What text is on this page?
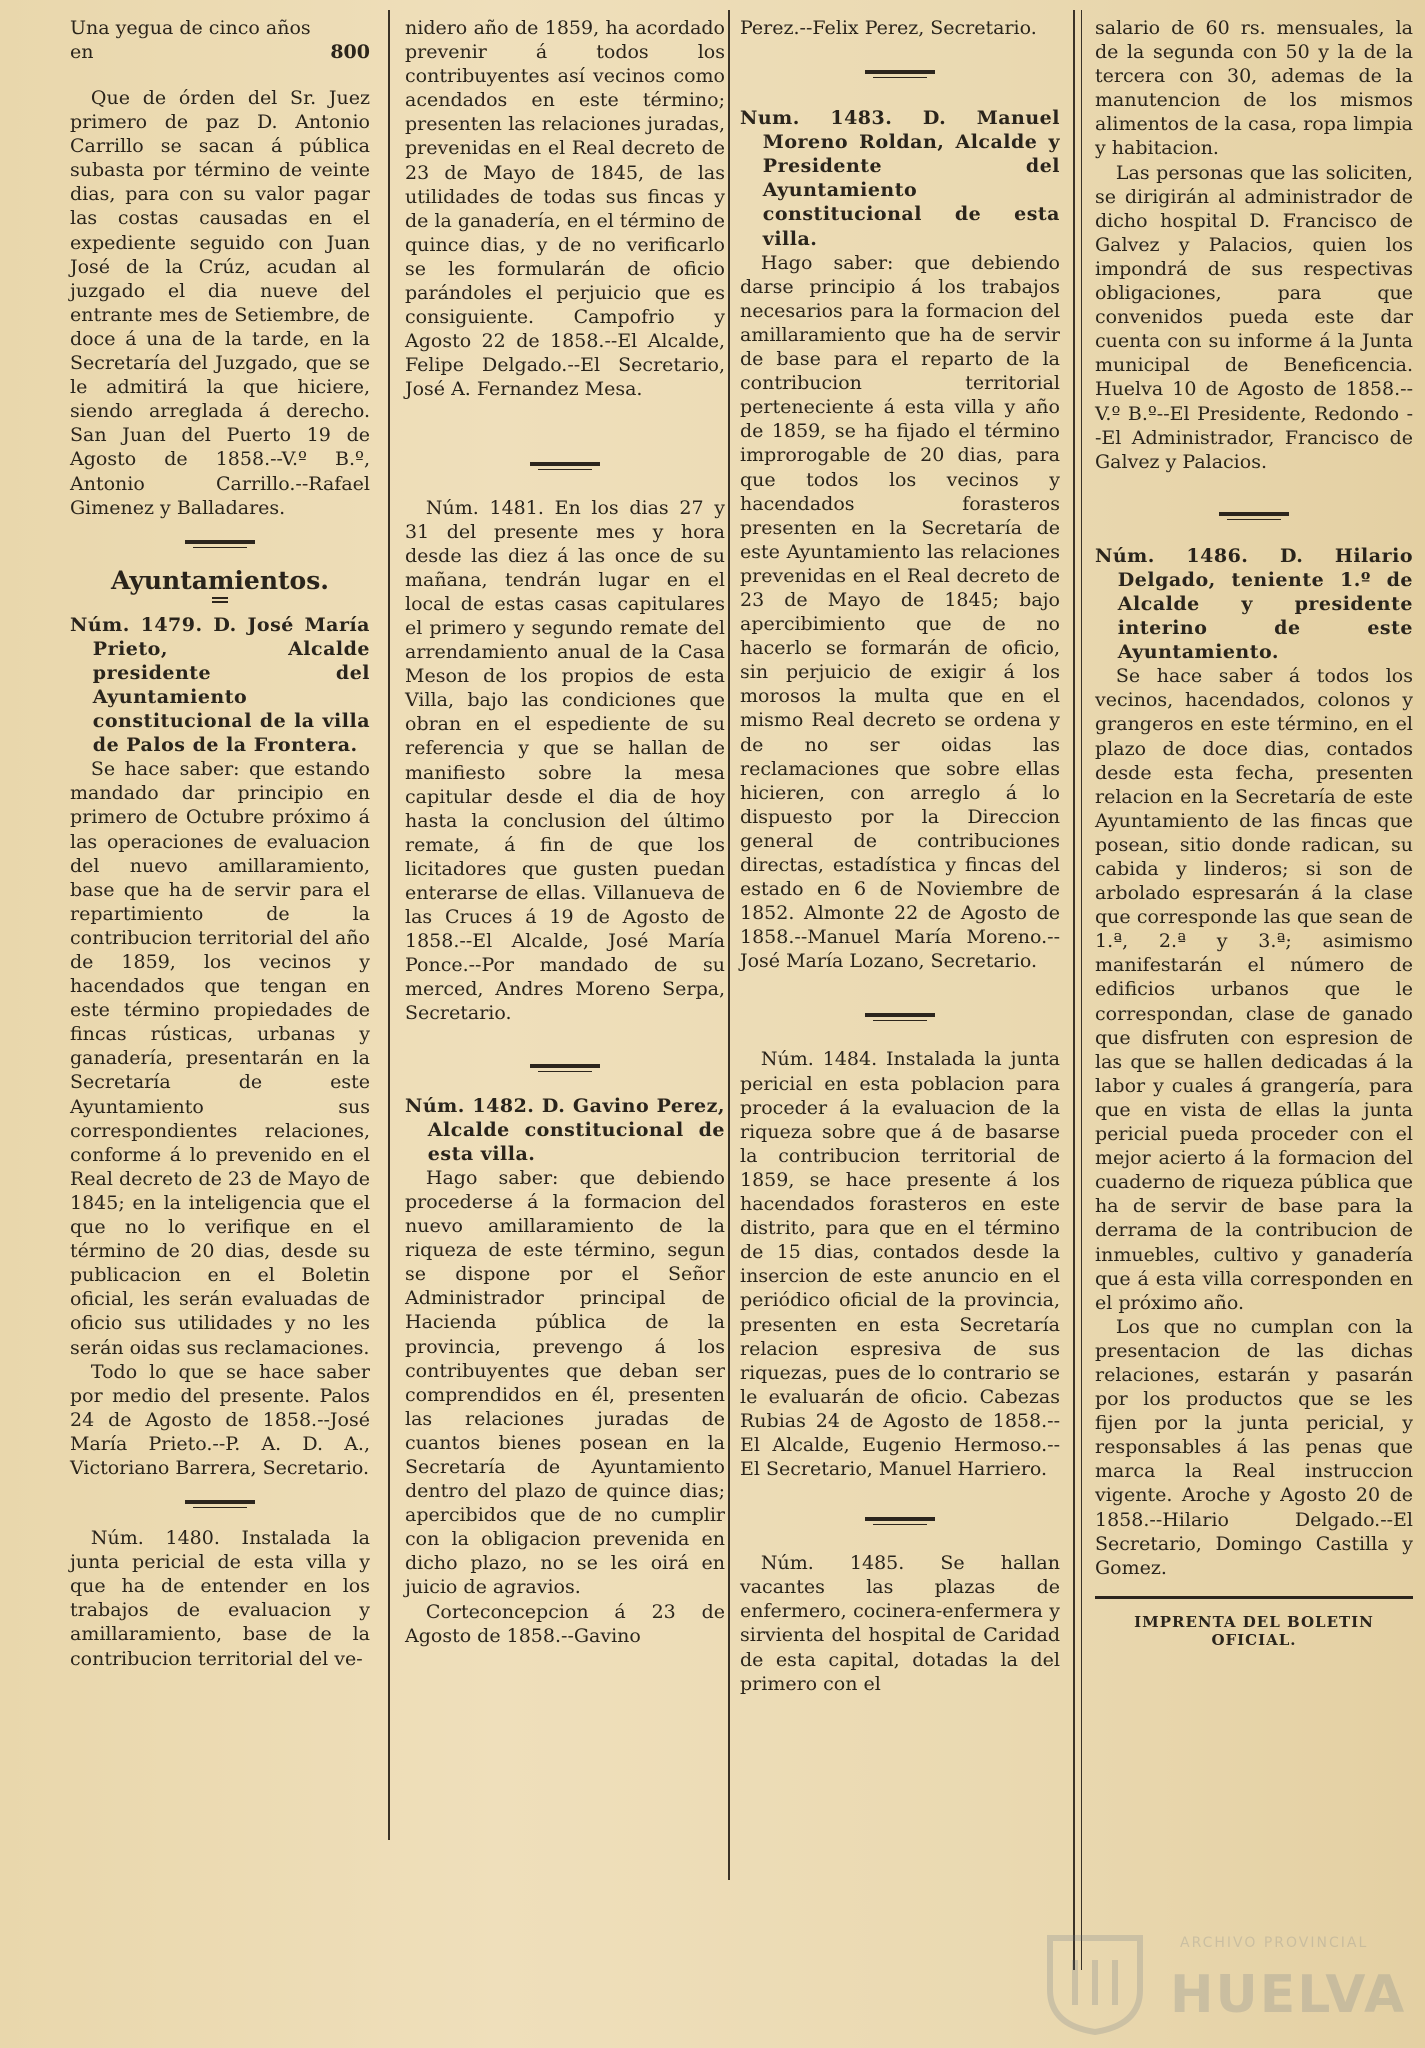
Una yegua de cinco años en	800

Que de órden del Sr. Juez primero de paz D. Antonio Carrillo se sacan á pública subasta por término de veinte dias, para con su valor pagar las costas causadas en el expediente seguido con Juan José de la Crúz, acudan al juzgado el dia nueve del entrante mes de Setiembre, de doce á una de la tarde, en la Secretaría del Juzgado, que se le admitirá la que hiciere, siendo arreglada á derecho. San Juan del Puerto 19 de Agosto de 1858.--V.º B.º, Antonio Carrillo.--Rafael Gimenez y Balladares.

Ayuntamientos.

Núm. 1479. D. José María Prieto, Alcalde presidente del Ayuntamiento constitucional de la villa de Palos de la Frontera.

Se hace saber: que estando mandado dar principio en primero de Octubre próximo á las operaciones de evaluacion del nuevo amillaramiento, base que ha de servir para el repartimiento de la contribucion territorial del año de 1859, los vecinos y hacendados que tengan en este término propiedades de fincas rústicas, urbanas y ganadería, presentarán en la Secretaría de este Ayuntamiento sus correspondientes relaciones, conforme á lo prevenido en el Real decreto de 23 de Mayo de 1845; en la inteligencia que el que no lo verifique en el término de 20 dias, desde su publicacion en el Boletin oficial, les serán evaluadas de oficio sus utilidades y no les serán oidas sus reclamaciones.

Todo lo que se hace saber por medio del presente. Palos 24 de Agosto de 1858.--José María Prieto.--P. A. D. A., Victoriano Barrera, Secretario.

Núm. 1480. Instalada la junta pericial de esta villa y que ha de entender en los trabajos de evaluacion y amillaramiento, base de la contribucion territorial del ve-

nidero año de 1859, ha acordado prevenir á todos los contribuyentes así vecinos como acendados en este término; presenten las relaciones juradas, prevenidas en el Real decreto de 23 de Mayo de 1845, de las utilidades de todas sus fincas y de la ganadería, en el término de quince dias, y de no verificarlo se les formularán de oficio parándoles el perjuicio que es consiguiente. Campofrio y Agosto 22 de 1858.--El Alcalde, Felipe Delgado.--El Secretario, José A. Fernandez Mesa.

Núm. 1481. En los dias 27 y 31 del presente mes y hora desde las diez á las once de su mañana, tendrán lugar en el local de estas casas capitulares el primero y segundo remate del arrendamiento anual de la Casa Meson de los propios de esta Villa, bajo las condiciones que obran en el espediente de su referencia y que se hallan de manifiesto sobre la mesa capitular desde el dia de hoy hasta la conclusion del último remate, á fin de que los licitadores que gusten puedan enterarse de ellas. Villanueva de las Cruces á 19 de Agosto de 1858.--El Alcalde, José María Ponce.--Por mandado de su merced, Andres Moreno Serpa, Secretario.

Núm. 1482. D. Gavino Perez, Alcalde constitucional de esta villa.

Hago saber: que debiendo procederse á la formacion del nuevo amillaramiento de la riqueza de este término, segun se dispone por el Señor Administrador principal de Hacienda pública de la provincia, prevengo á los contribuyentes que deban ser comprendidos en él, presenten las relaciones juradas de cuantos bienes posean en la Secretaría de Ayuntamiento dentro del plazo de quince dias; apercibidos que de no cumplir con la obligacion prevenida en dicho plazo, no se les oirá en juicio de agravios.

Corteconcepcion á 23 de Agosto de 1858.--Gavino

Perez.--Felix Perez, Secretario.

Num. 1483. D. Manuel Moreno Roldan, Alcalde y Presidente del Ayuntamiento constitucional de esta villa.

Hago saber: que debiendo darse principio á los trabajos necesarios para la formacion del amillaramiento que ha de servir de base para el reparto de la contribucion territorial perteneciente á esta villa y año de 1859, se ha fijado el término improrogable de 20 dias, para que todos los vecinos y hacendados forasteros presenten en la Secretaría de este Ayuntamiento las relaciones prevenidas en el Real decreto de 23 de Mayo de 1845; bajo apercibimiento que de no hacerlo se formarán de oficio, sin perjuicio de exigir á los morosos la multa que en el mismo Real decreto se ordena y de no ser oidas las reclamaciones que sobre ellas hicieren, con arreglo á lo dispuesto por la Direccion general de contribuciones directas, estadística y fincas del estado en 6 de Noviembre de 1852. Almonte 22 de Agosto de 1858.--Manuel María Moreno.--José María Lozano, Secretario.

Núm. 1484. Instalada la junta pericial en esta poblacion para proceder á la evaluacion de la riqueza sobre que á de basarse la contribucion territorial de 1859, se hace presente á los hacendados forasteros en este distrito, para que en el término de 15 dias, contados desde la insercion de este anuncio en el periódico oficial de la provincia, presenten en esta Secretaría relacion espresiva de sus riquezas, pues de lo contrario se le evaluarán de oficio. Cabezas Rubias 24 de Agosto de 1858.--El Alcalde, Eugenio Hermoso.--El Secretario, Manuel Harriero.

Núm. 1485. Se hallan vacantes las plazas de enfermero, cocinera-enfermera y sirvienta del hospital de Caridad de esta capital, dotadas la del primero con el

salario de 60 rs. mensuales, la de la segunda con 50 y la de la tercera con 30, ademas de la manutencion de los mismos alimentos de la casa, ropa limpia y habitacion.

Las personas que las soliciten, se dirigirán al administrador de dicho hospital D. Francisco de Galvez y Palacios, quien los impondrá de sus respectivas obligaciones, para que convenidos pueda este dar cuenta con su informe á la Junta municipal de Beneficencia. Huelva 10 de Agosto de 1858.--V.º B.º--El Presidente, Redondo --El Administrador, Francisco de Galvez y Palacios.

Núm. 1486. D. Hilario Delgado, teniente 1.º de Alcalde y presidente interino de este Ayuntamiento.

Se hace saber á todos los vecinos, hacendados, colonos y grangeros en este término, en el plazo de doce dias, contados desde esta fecha, presenten relacion en la Secretaría de este Ayuntamiento de las fincas que posean, sitio donde radican, su cabida y linderos; si son de arbolado espresarán á la clase que corresponde las que sean de 1.ª, 2.ª y 3.ª; asimismo manifestarán el número de edificios urbanos que le correspondan, clase de ganado que disfruten con espresion de las que se hallen dedicadas á la labor y cuales á grangería, para que en vista de ellas la junta pericial pueda proceder con el mejor acierto á la formacion del cuaderno de riqueza pública que ha de servir de base para la derrama de la contribucion de inmuebles, cultivo y ganadería que á esta villa corresponden en el próximo año.

Los que no cumplan con la presentacion de las dichas relaciones, estarán y pasarán por los productos que se les fijen por la junta pericial, y responsables á las penas que marca la Real instruccion vigente. Aroche y Agosto 20 de 1858.--Hilario Delgado.--El Secretario, Domingo Castilla y Gomez.

IMPRENTA DEL BOLETIN OFICIAL.
ARCHIVO PROVINCIAL
HUELVA
